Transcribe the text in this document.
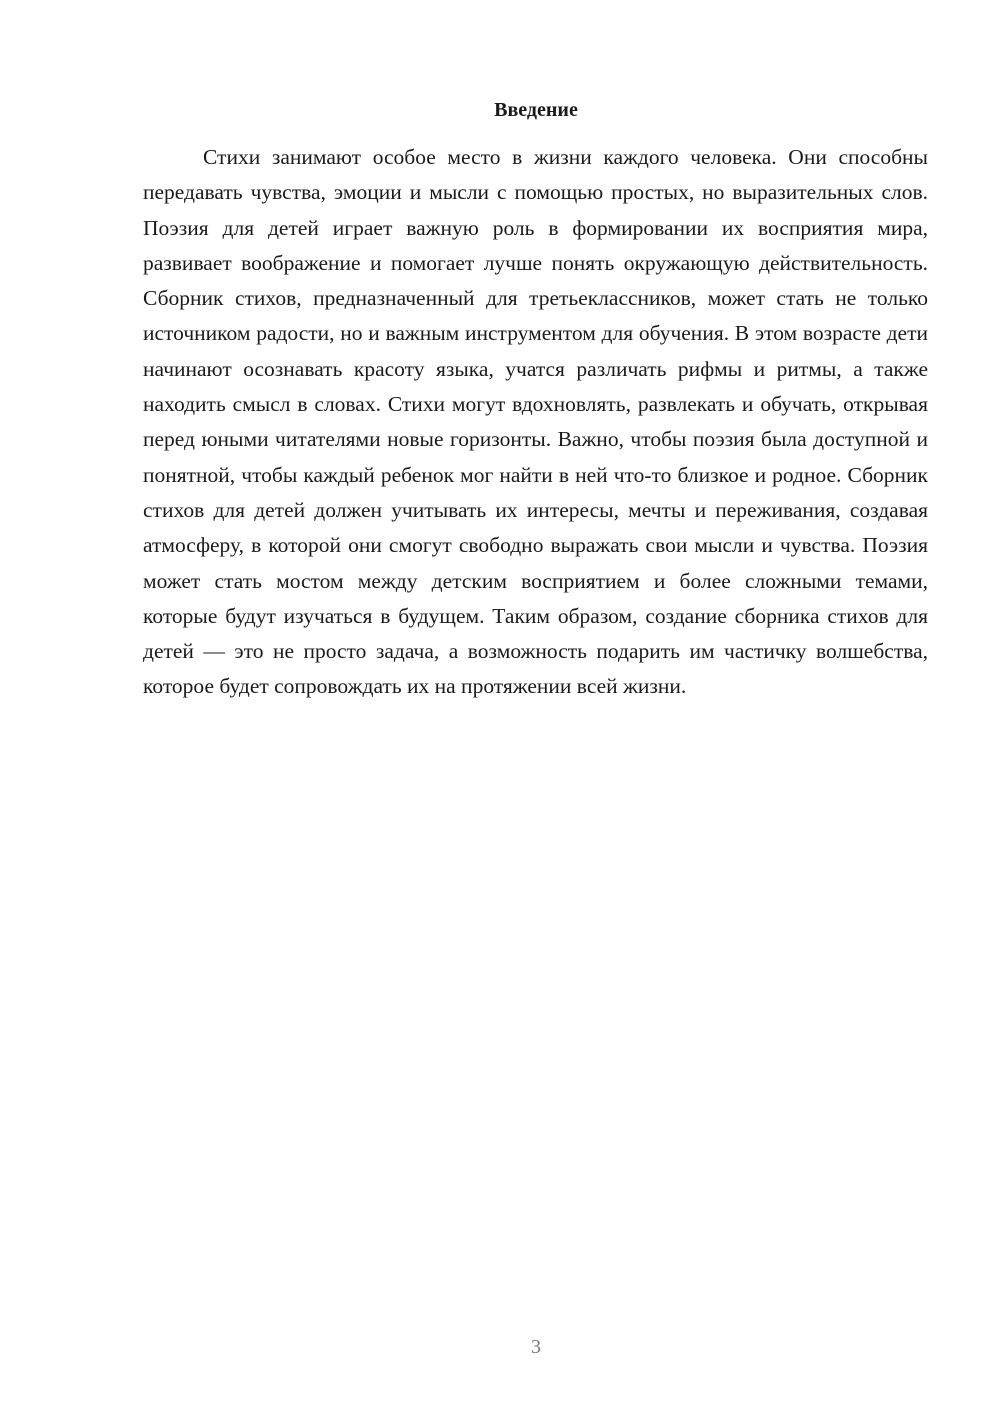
Введение

Стихи занимают особое место в жизни каждого человека. Они способны передавать чувства, эмоции и мысли с помощью простых, но выразительных слов. Поэзия для детей играет важную роль в формировании их восприятия мира, развивает воображение и помогает лучше понять окружающую действительность. Сборник стихов, предназначенный для третьеклассников, может стать не только источником радости, но и важным инструментом для обучения. В этом возрасте дети начинают осознавать красоту языка, учатся различать рифмы и ритмы, а также находить смысл в словах. Стихи могут вдохновлять, развлекать и обучать, открывая перед юными читателями новые горизонты. Важно, чтобы поэзия была доступной и понятной, чтобы каждый ребенок мог найти в ней что-то близкое и родное. Сборник стихов для детей должен учитывать их интересы, мечты и переживания, создавая атмосферу, в которой они смогут свободно выражать свои мысли и чувства. Поэзия может стать мостом между детским восприятием и более сложными темами, которые будут изучаться в будущем. Таким образом, создание сборника стихов для детей — это не просто задача, а возможность подарить им частичку волшебства, которое будет сопровождать их на протяжении всей жизни.

3
